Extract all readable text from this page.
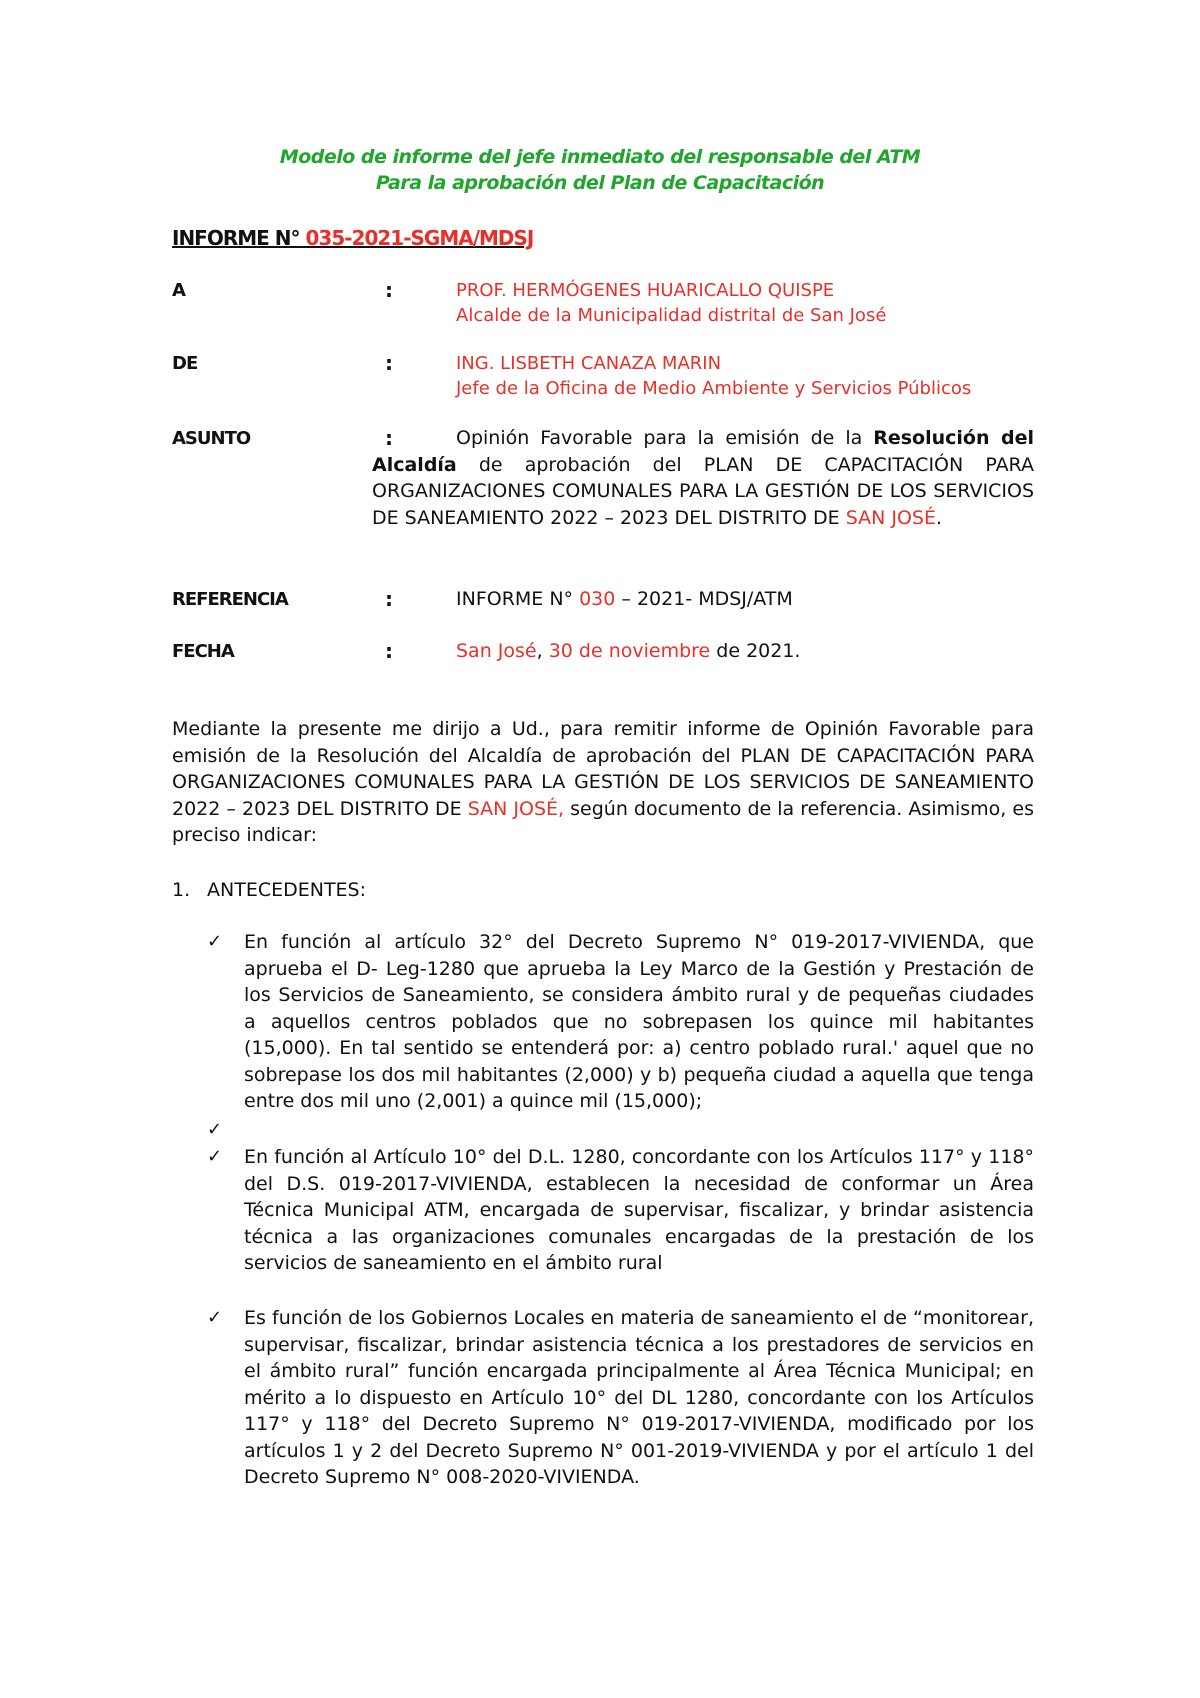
Modelo de informe del jefe inmediato del responsable del ATM
Para la aprobación del Plan de Capacitación
INFORME N° 035-2021-SGMA/MDSJ
A	:	PROF. HERMÓGENES HUARICALLO QUISPE
Alcalde de la Municipalidad distrital de San José
DE	:	ING. LISBETH CANAZA MARIN
Jefe de la Oficina de Medio Ambiente y Servicios Públicos
ASUNTO	:	Opinión Favorable para la emisión de la Resolución del Alcaldía de aprobación del PLAN DE CAPACITACIÓN PARA ORGANIZACIONES COMUNALES PARA LA GESTIÓN DE LOS SERVICIOS DE SANEAMIENTO 2022 – 2023 DEL DISTRITO DE SAN JOSÉ.
REFERENCIA	:	INFORME N° 030 – 2021- MDSJ/ATM
FECHA	:	San José, 30 de noviembre de 2021.
Mediante la presente me dirijo a Ud., para remitir informe de Opinión Favorable para emisión de la Resolución del Alcaldía de aprobación del PLAN DE CAPACITACIÓN PARA ORGANIZACIONES COMUNALES PARA LA GESTIÓN DE LOS SERVICIOS DE SANEAMIENTO 2022 – 2023 DEL DISTRITO DE SAN JOSÉ, según documento de la referencia. Asimismo, es preciso indicar:
1. ANTECEDENTES:
✓ En función al artículo 32° del Decreto Supremo N° 019-2017-VIVIENDA, que aprueba el D- Leg-1280 que aprueba la Ley Marco de la Gestión y Prestación de los Servicios de Saneamiento, se considera ámbito rural y de pequeñas ciudades a aquellos centros poblados que no sobrepasen los quince mil habitantes (15,000). En tal sentido se entenderá por: a) centro poblado rural.' aquel que no sobrepase los dos mil habitantes (2,000) y b) pequeña ciudad a aquella que tenga entre dos mil uno (2,001) a quince mil (15,000);
✓
✓ En función al Artículo 10° del D.L. 1280, concordante con los Artículos 117° y 118° del D.S. 019-2017-VIVIENDA, establecen la necesidad de conformar un Área Técnica Municipal ATM, encargada de supervisar, fiscalizar, y brindar asistencia técnica a las organizaciones comunales encargadas de la prestación de los servicios de saneamiento en el ámbito rural
✓ Es función de los Gobiernos Locales en materia de saneamiento el de “monitorear, supervisar, fiscalizar, brindar asistencia técnica a los prestadores de servicios en el ámbito rural” función encargada principalmente al Área Técnica Municipal; en mérito a lo dispuesto en Artículo 10° del DL 1280, concordante con los Artículos 117° y 118° del Decreto Supremo N° 019-2017-VIVIENDA, modificado por los artículos 1 y 2 del Decreto Supremo N° 001-2019-VIVIENDA y por el artículo 1 del Decreto Supremo N° 008-2020-VIVIENDA.
